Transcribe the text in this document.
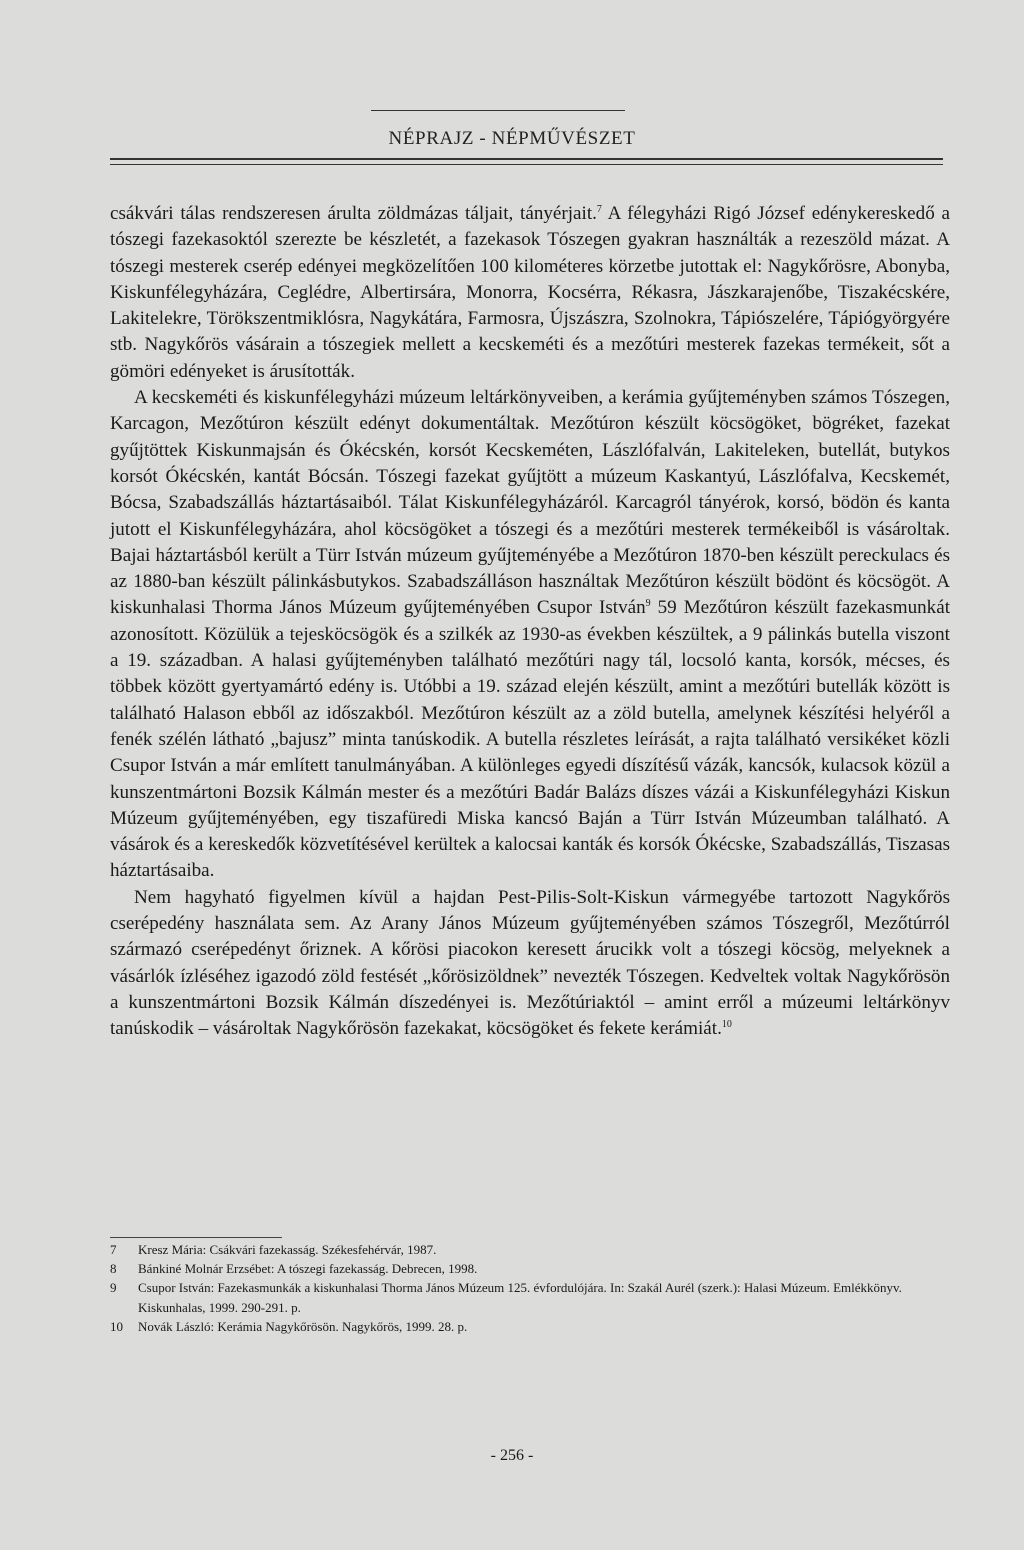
NÉPRAJZ - NÉPMŰVÉSZET

csákvári tálas rendszeresen árulta zöldmázas táljait, tányérjait.$^7$ A félegyházi Rigó József edénykereskedő a tószegi fazekasoktól szerezte be készletét, a fazekasok Tószegen gyakran használták a rezeszöld mázat. A tószegi mesterek cserép edényei megközelítően 100 kilométeres körzetbe jutottak el: Nagykőrösre, Abonyba, Kiskunfélegyházára, Ceglédre, Albertirsára, Monorra, Kocsérra, Rékasra, Jászkarajenőbe, Tiszakécskére, Lakitelekre, Törökszentmiklósra, Nagykátára, Farmosra, Újszászra, Szolnokra, Tápiószelére, Tápiógyörgyére stb. Nagykőrös vásárain a tószegiek mellett a kecskeméti és a mezőtúri mesterek fazekas termékeit, sőt a gömöri edényeket is árusították.

A kecskeméti és kiskunfélegyházi múzeum leltárkönyveiben, a kerámia gyűjteményben számos Tószegen, Karcagon, Mezőtúron készült edényt dokumentáltak. Mezőtúron készült köcsögöket, bögréket, fazekat gyűjtöttek Kiskunmajsán és Ókécskén, korsót Kecskeméten, Lászlófalván, Lakiteleken, butellát, butykos korsót Ókécskén, kantát Bócsán. Tószegi fazekat gyűjtött a múzeum Kaskantyú, Lászlófalva, Kecskemét, Bócsa, Szabadszállás háztartásaiból. Tálat Kiskunfélegyházáról. Karcagról tányérok, korsó, bödön és kanta jutott el Kiskunfélegyházára, ahol köcsögöket a tószegi és a mezőtúri mesterek termékeiből is vásároltak. Bajai háztartásból került a Türr István múzeum gyűjteményébe a Mezőtúron 1870-ben készült pereckulacs és az 1880-ban készült pálinkásbutykos. Szabadszálláson használtak Mezőtúron készült bödönt és köcsögöt. A kiskunhalasi Thorma János Múzeum gyűjteményében Csupor István$^9$ 59 Mezőtúron készült fazekasmunkát azonosított. Közülük a tejesköcsögök és a szilkék az 1930-as években készültek, a 9 pálinkás butella viszont a 19. században. A halasi gyűjteményben található mezőtúri nagy tál, locsoló kanta, korsók, mécses, és többek között gyertyamártó edény is. Utóbbi a 19. század elején készült, amint a mezőtúri butellák között is található Halason ebből az időszakból. Mezőtúron készült az a zöld butella, amelynek készítési helyéről a fenék szélén látható „bajusz” minta tanúskodik. A butella részletes leírását, a rajta található versikéket közli Csupor István a már említett tanulmányában. A különleges egyedi díszítésű vázák, kancsók, kulacsok közül a kunszentmártoni Bozsik Kálmán mester és a mezőtúri Badár Balázs díszes vázái a Kiskunfélegyházi Kiskun Múzeum gyűjteményében, egy tiszafüredi Miska kancsó Baján a Türr István Múzeumban található. A vásárok és a kereskedők közvetítésével kerültek a kalocsai kanták és korsók Ókécske, Szabadszállás, Tiszasas háztartásaiba.

Nem hagyható figyelmen kívül a hajdan Pest-Pilis-Solt-Kiskun vármegyébe tartozott Nagykőrös cserépedény használata sem. Az Arany János Múzeum gyűjteményében számos Tószegről, Mezőtúrról származó cserépedényt őriznek. A kőrösi piacokon keresett árucikk volt a tószegi köcsög, melyeknek a vásárlók ízléséhez igazodó zöld festését „kőrösizöldnek” nevezték Tószegen. Kedveltek voltak Nagykőrösön a kunszentmártoni Bozsik Kálmán díszedényei is. Mezőtúriaktól – amint erről a múzeumi leltárkönyv tanúskodik – vásároltak Nagykőrösön fazekakat, köcsögöket és fekete kerámiát.$^{10}$

7	Kresz Mária: Csákvári fazekasság. Székesfehérvár, 1987.
8	Bánkiné Molnár Erzsébet: A tószegi fazekasság. Debrecen, 1998.
9	Csupor István: Fazekasmunkák a kiskunhalasi Thorma János Múzeum 125. évfordulójára. In: Szakál Aurél (szerk.): Halasi Múzeum. Emlékkönyv. Kiskunhalas, 1999. 290-291. p.
10	Novák László: Kerámia Nagykőrösön. Nagykőrös, 1999. 28. p.
- 256 -
